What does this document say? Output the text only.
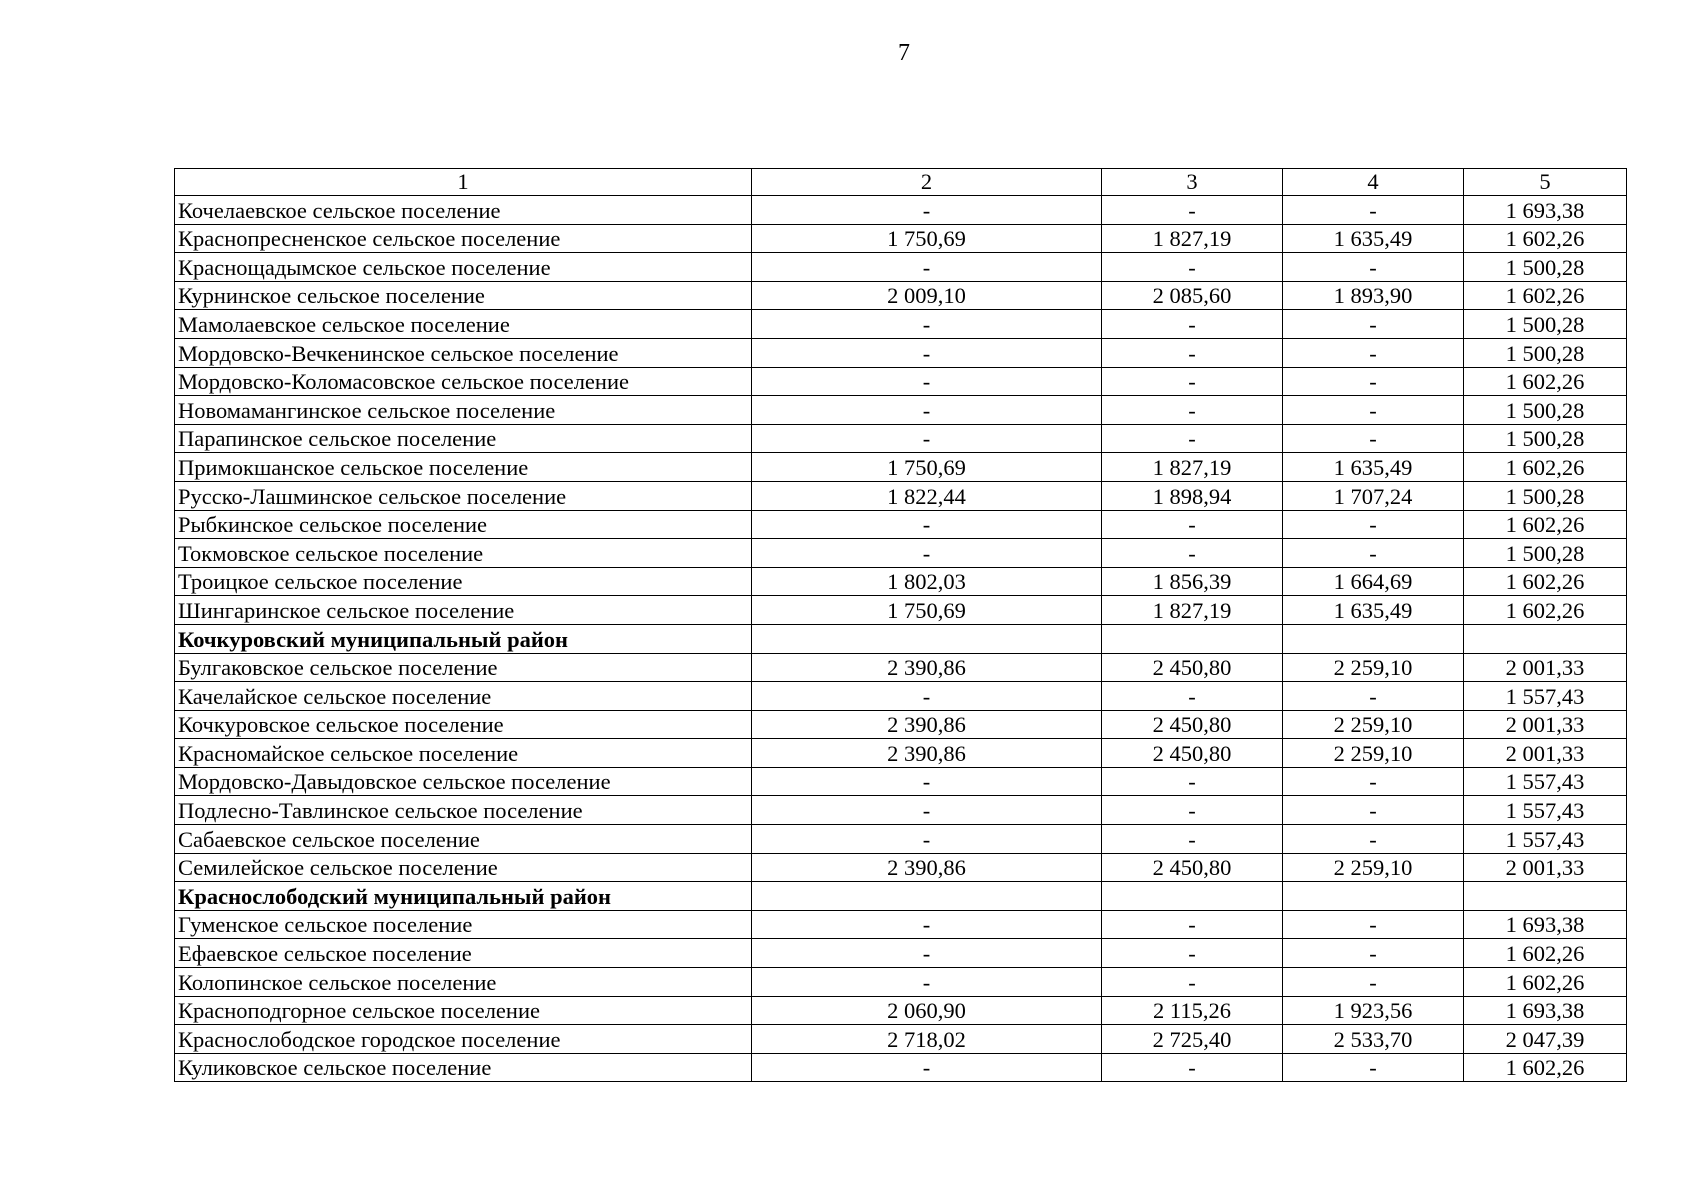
7
1	2	3	4	5
Кочелаевское сельское поселение	-	-	-	1 693,38
Краснопресненское сельское поселение	1 750,69	1 827,19	1 635,49	1 602,26
Краснощадымское сельское поселение	-	-	-	1 500,28
Курнинское сельское поселение	2 009,10	2 085,60	1 893,90	1 602,26
Мамолаевское сельское поселение	-	-	-	1 500,28
Мордовско-Вечкенинское сельское поселение	-	-	-	1 500,28
Мордовско-Коломасовское сельское поселение	-	-	-	1 602,26
Новомамангинское сельское поселение	-	-	-	1 500,28
Парапинское сельское поселение	-	-	-	1 500,28
Примокшанское сельское поселение	1 750,69	1 827,19	1 635,49	1 602,26
Русско-Лашминское сельское поселение	1 822,44	1 898,94	1 707,24	1 500,28
Рыбкинское сельское поселение	-	-	-	1 602,26
Токмовское сельское поселение	-	-	-	1 500,28
Троицкое сельское поселение	1 802,03	1 856,39	1 664,69	1 602,26
Шингаринское сельское поселение	1 750,69	1 827,19	1 635,49	1 602,26
Кочкуровский муниципальный район				
Булгаковское сельское поселение	2 390,86	2 450,80	2 259,10	2 001,33
Качелайское сельское поселение	-	-	-	1 557,43
Кочкуровское сельское поселение	2 390,86	2 450,80	2 259,10	2 001,33
Красномайское сельское поселение	2 390,86	2 450,80	2 259,10	2 001,33
Мордовско-Давыдовское сельское поселение	-	-	-	1 557,43
Подлесно-Тавлинское сельское поселение	-	-	-	1 557,43
Сабаевское сельское поселение	-	-	-	1 557,43
Семилейское сельское поселение	2 390,86	2 450,80	2 259,10	2 001,33
Краснослободский муниципальный район				
Гуменское сельское поселение	-	-	-	1 693,38
Ефаевское сельское поселение	-	-	-	1 602,26
Колопинское сельское поселение	-	-	-	1 602,26
Красноподгорное сельское поселение	2 060,90	2 115,26	1 923,56	1 693,38
Краснослободское городское поселение	2 718,02	2 725,40	2 533,70	2 047,39
Куликовское сельское поселение	-	-	-	1 602,26
